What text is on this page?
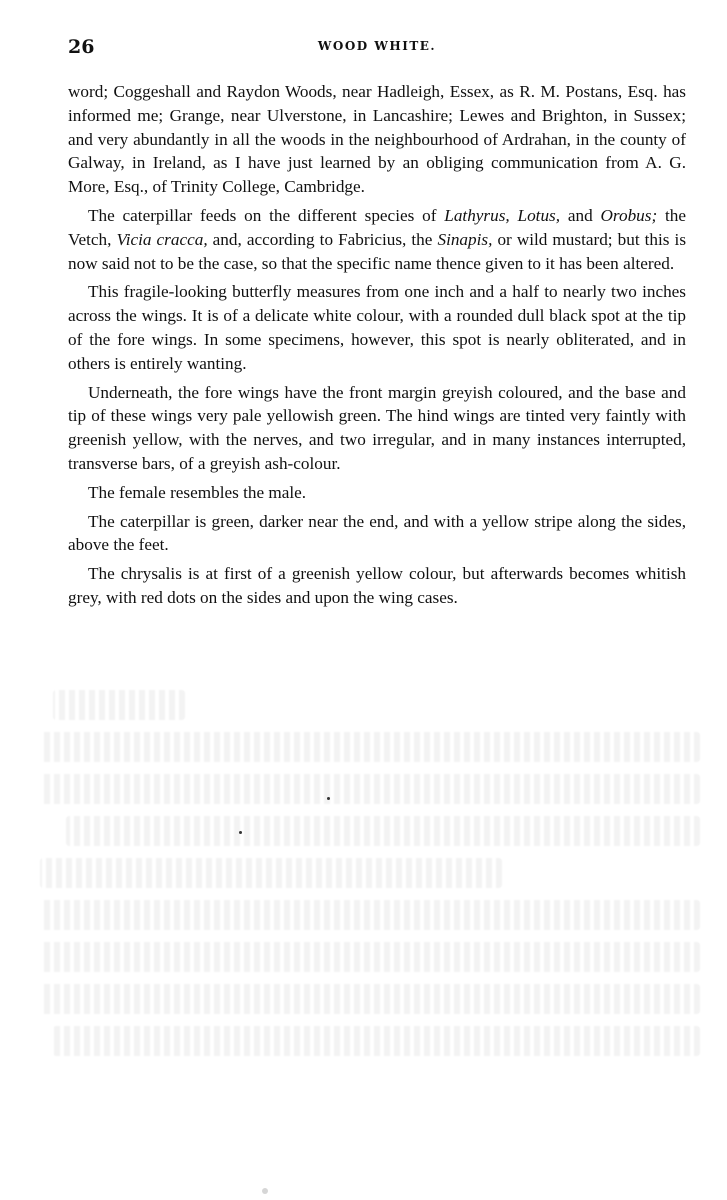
26	WOOD WHITE.

word; Coggeshall and Raydon Woods, near Hadleigh, Essex, as R. M. Postans, Esq. has informed me; Grange, near Ulverstone, in Lancashire; Lewes and Brighton, in Sussex; and very abundantly in all the woods in the neighbourhood of Ardrahan, in the county of Galway, in Ireland, as I have just learned by an obliging communication from A. G. More, Esq., of Trinity College, Cambridge.

The caterpillar feeds on the different species of Lathyrus, Lotus, and Orobus; the Vetch, Vicia cracca, and, according to Fabricius, the Sinapis, or wild mustard; but this is now said not to be the case, so that the specific name thence given to it has been altered.

This fragile-looking butterfly measures from one inch and a half to nearly two inches across the wings. It is of a delicate white colour, with a rounded dull black spot at the tip of the fore wings. In some specimens, however, this spot is nearly obliterated, and in others is entirely wanting.

Underneath, the fore wings have the front margin greyish coloured, and the base and tip of these wings very pale yellowish green. The hind wings are tinted very faintly with greenish yellow, with the nerves, and two irregular, and in many instances interrupted, transverse bars, of a greyish ash-colour.

The female resembles the male.

The caterpillar is green, darker near the end, and with a yellow stripe along the sides, above the feet.

The chrysalis is at first of a greenish yellow colour, but afterwards becomes whitish grey, with red dots on the sides and upon the wing cases.
